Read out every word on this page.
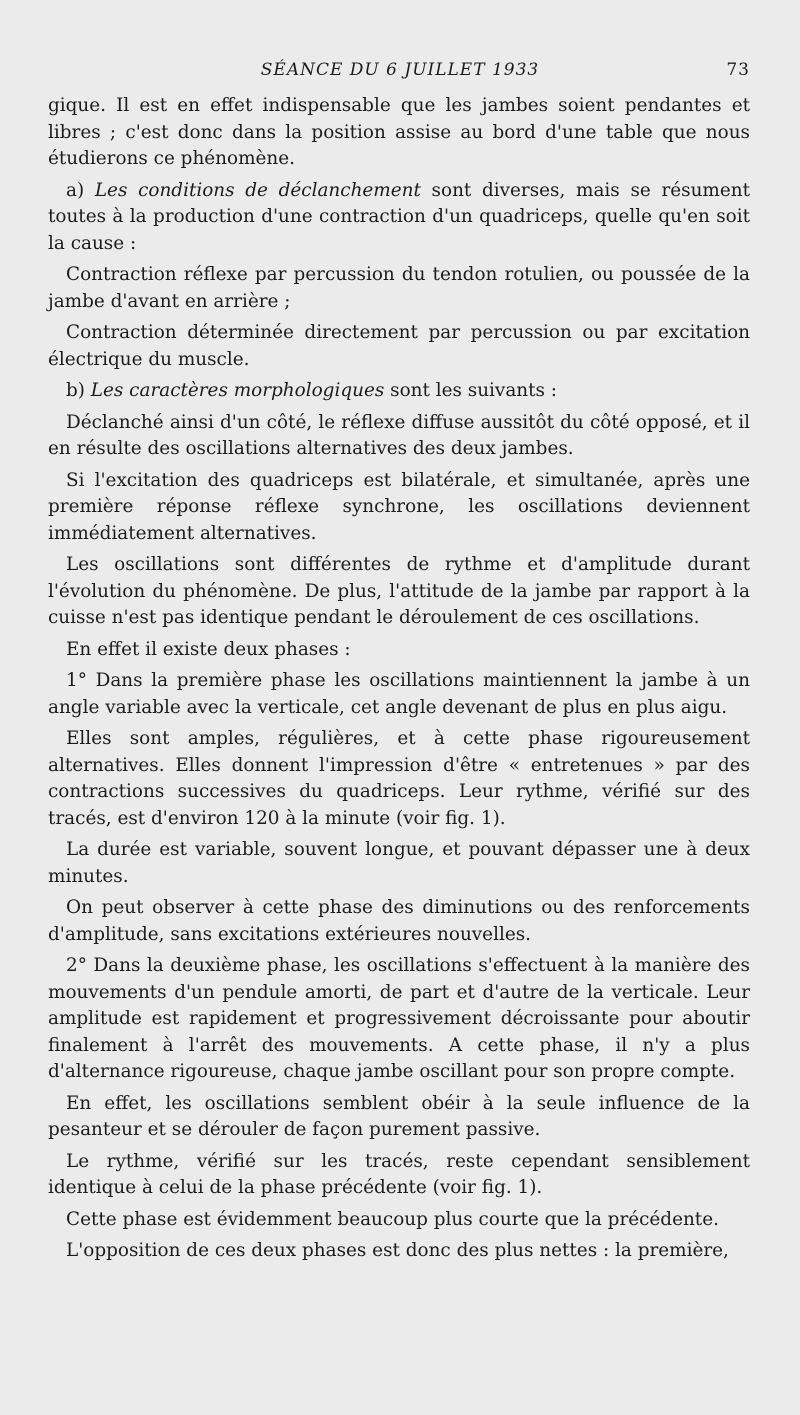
SÉANCE DU 6 JUILLET 1933	73

gique. Il est en effet indispensable que les jambes soient pendantes et libres ; c'est donc dans la position assise au bord d'une table que nous étudierons ce phénomène.

a) Les conditions de déclanchement sont diverses, mais se résument toutes à la production d'une contraction d'un quadriceps, quelle qu'en soit la cause :

Contraction réflexe par percussion du tendon rotulien, ou poussée de la jambe d'avant en arrière ;

Contraction déterminée directement par percussion ou par excitation électrique du muscle.

b) Les caractères morphologiques sont les suivants :

Déclanché ainsi d'un côté, le réflexe diffuse aussitôt du côté opposé, et il en résulte des oscillations alternatives des deux jambes.

Si l'excitation des quadriceps est bilatérale, et simultanée, après une première réponse réflexe synchrone, les oscillations deviennent immédiatement alternatives.

Les oscillations sont différentes de rythme et d'amplitude durant l'évolution du phénomène. De plus, l'attitude de la jambe par rapport à la cuisse n'est pas identique pendant le déroulement de ces oscillations.

En effet il existe deux phases :

1° Dans la première phase les oscillations maintiennent la jambe à un angle variable avec la verticale, cet angle devenant de plus en plus aigu.

Elles sont amples, régulières, et à cette phase rigoureusement alternatives. Elles donnent l'impression d'être « entretenues » par des contractions successives du quadriceps. Leur rythme, vérifié sur des tracés, est d'environ 120 à la minute (voir fig. 1).

La durée est variable, souvent longue, et pouvant dépasser une à deux minutes.

On peut observer à cette phase des diminutions ou des renforcements d'amplitude, sans excitations extérieures nouvelles.

2° Dans la deuxième phase, les oscillations s'effectuent à la manière des mouvements d'un pendule amorti, de part et d'autre de la verticale. Leur amplitude est rapidement et progressivement décroissante pour aboutir finalement à l'arrêt des mouvements. A cette phase, il n'y a plus d'alternance rigoureuse, chaque jambe oscillant pour son propre compte.

En effet, les oscillations semblent obéir à la seule influence de la pesanteur et se dérouler de façon purement passive.

Le rythme, vérifié sur les tracés, reste cependant sensiblement identique à celui de la phase précédente (voir fig. 1).

Cette phase est évidemment beaucoup plus courte que la précédente.

L'opposition de ces deux phases est donc des plus nettes : la première,
